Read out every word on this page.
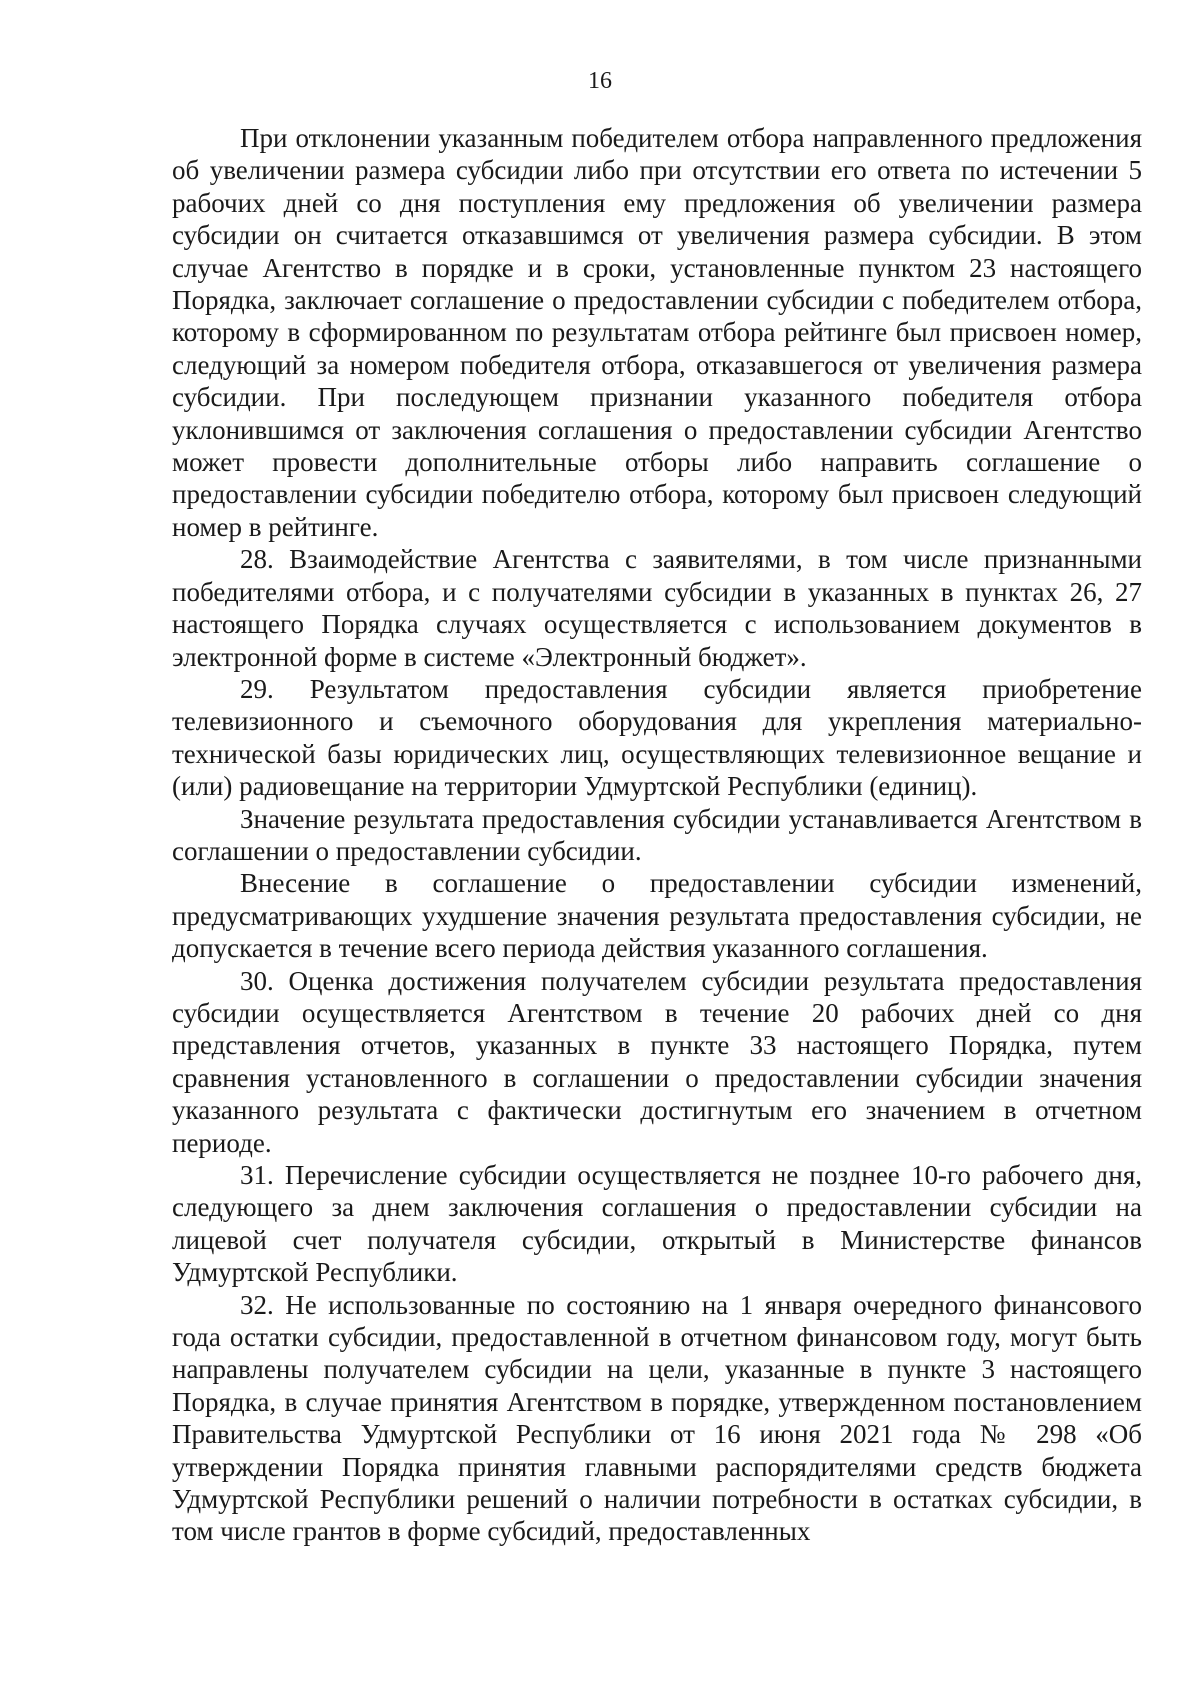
16

При отклонении указанным победителем отбора направленного предложения об увеличении размера субсидии либо при отсутствии его ответа по истечении 5 рабочих дней со дня поступления ему предложения об увеличении размера субсидии он считается отказавшимся от увеличения размера субсидии. В этом случае Агентство в порядке и в сроки, установленные пунктом 23 настоящего Порядка, заключает соглашение о предоставлении субсидии с победителем отбора, которому в сформированном по результатам отбора рейтинге был присвоен номер, следующий за номером победителя отбора, отказавшегося от увеличения размера субсидии. При последующем признании указанного победителя отбора уклонившимся от заключения соглашения о предоставлении субсидии Агентство может провести дополнительные отборы либо направить соглашение о предоставлении субсидии победителю отбора, которому был присвоен следующий номер в рейтинге.

28. Взаимодействие Агентства с заявителями, в том числе признанными победителями отбора, и с получателями субсидии в указанных в пунктах 26, 27 настоящего Порядка случаях осуществляется с использованием документов в электронной форме в системе «Электронный бюджет».

29. Результатом предоставления субсидии является приобретение телевизионного и съемочного оборудования для укрепления материально-технической базы юридических лиц, осуществляющих телевизионное вещание и (или) радиовещание на территории Удмуртской Республики (единиц).

Значение результата предоставления субсидии устанавливается Агентством в соглашении о предоставлении субсидии.

Внесение в соглашение о предоставлении субсидии изменений, предусматривающих ухудшение значения результата предоставления субсидии, не допускается в течение всего периода действия указанного соглашения.

30. Оценка достижения получателем субсидии результата предоставления субсидии осуществляется Агентством в течение 20 рабочих дней со дня представления отчетов, указанных в пункте 33 настоящего Порядка, путем сравнения установленного в соглашении о предоставлении субсидии значения указанного результата с фактически достигнутым его значением в отчетном периоде.

31. Перечисление субсидии осуществляется не позднее 10-го рабочего дня, следующего за днем заключения соглашения о предоставлении субсидии на лицевой счет получателя субсидии, открытый в Министерстве финансов Удмуртской Республики.

32. Не использованные по состоянию на 1 января очередного финансового года остатки субсидии, предоставленной в отчетном финансовом году, могут быть направлены получателем субсидии на цели, указанные в пункте 3 настоящего Порядка, в случае принятия Агентством в порядке, утвержденном постановлением Правительства Удмуртской Республики от 16 июня 2021 года № 298 «Об утверждении Порядка принятия главными распорядителями средств бюджета Удмуртской Республики решений о наличии потребности в остатках субсидии, в том числе грантов в форме субсидий, предоставленных
